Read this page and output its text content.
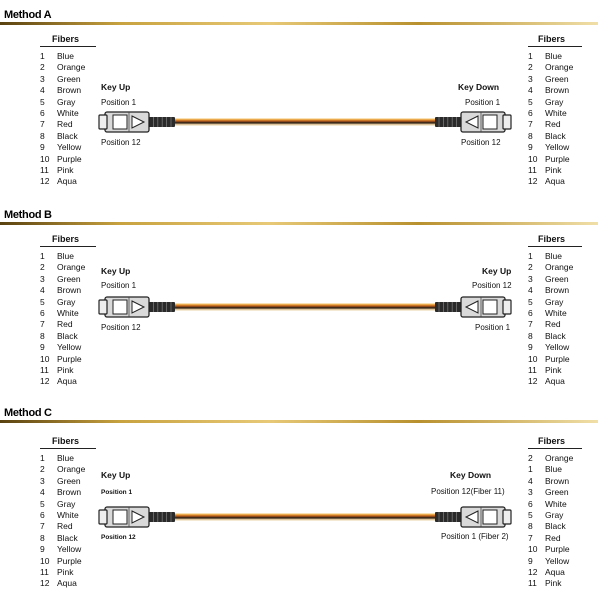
Method A
Fibers
1 Blue
2 Orange
3 Green
4 Brown
5 Gray
6 White
7 Red
8 Black
9 Yellow
10 Purple
11 Pink
12 Aqua
Fibers
1 Blue
2 Orange
3 Green
4 Brown
5 Gray
6 White
7 Red
8 Black
9 Yellow
10 Purple
11 Pink
12 Aqua
Key Up
Position 1
Position 12
Key Down
Position 1
Position 12
Method B
Fibers
1 Blue
2 Orange
3 Green
4 Brown
5 Gray
6 White
7 Red
8 Black
9 Yellow
10 Purple
11 Pink
12 Aqua
Fibers
1 Blue
2 Orange
3 Green
4 Brown
5 Gray
6 White
7 Red
8 Black
9 Yellow
10 Purple
11 Pink
12 Aqua
Key Up
Position 1
Position 12
Key Up
Position 12
Position 1
Method C
Fibers
1 Blue
2 Orange
3 Green
4 Brown
5 Gray
6 White
7 Red
8 Black
9 Yellow
10 Purple
11 Pink
12 Aqua
Fibers
2 Orange
1 Blue
4 Brown
3 Green
6 White
5 Gray
8 Black
7 Red
10 Purple
9 Yellow
12 Aqua
11 Pink
Key Up
Position 1
Position 12
Key Down
Position 12(Fiber 11)
Position 1 (Fiber 2)
